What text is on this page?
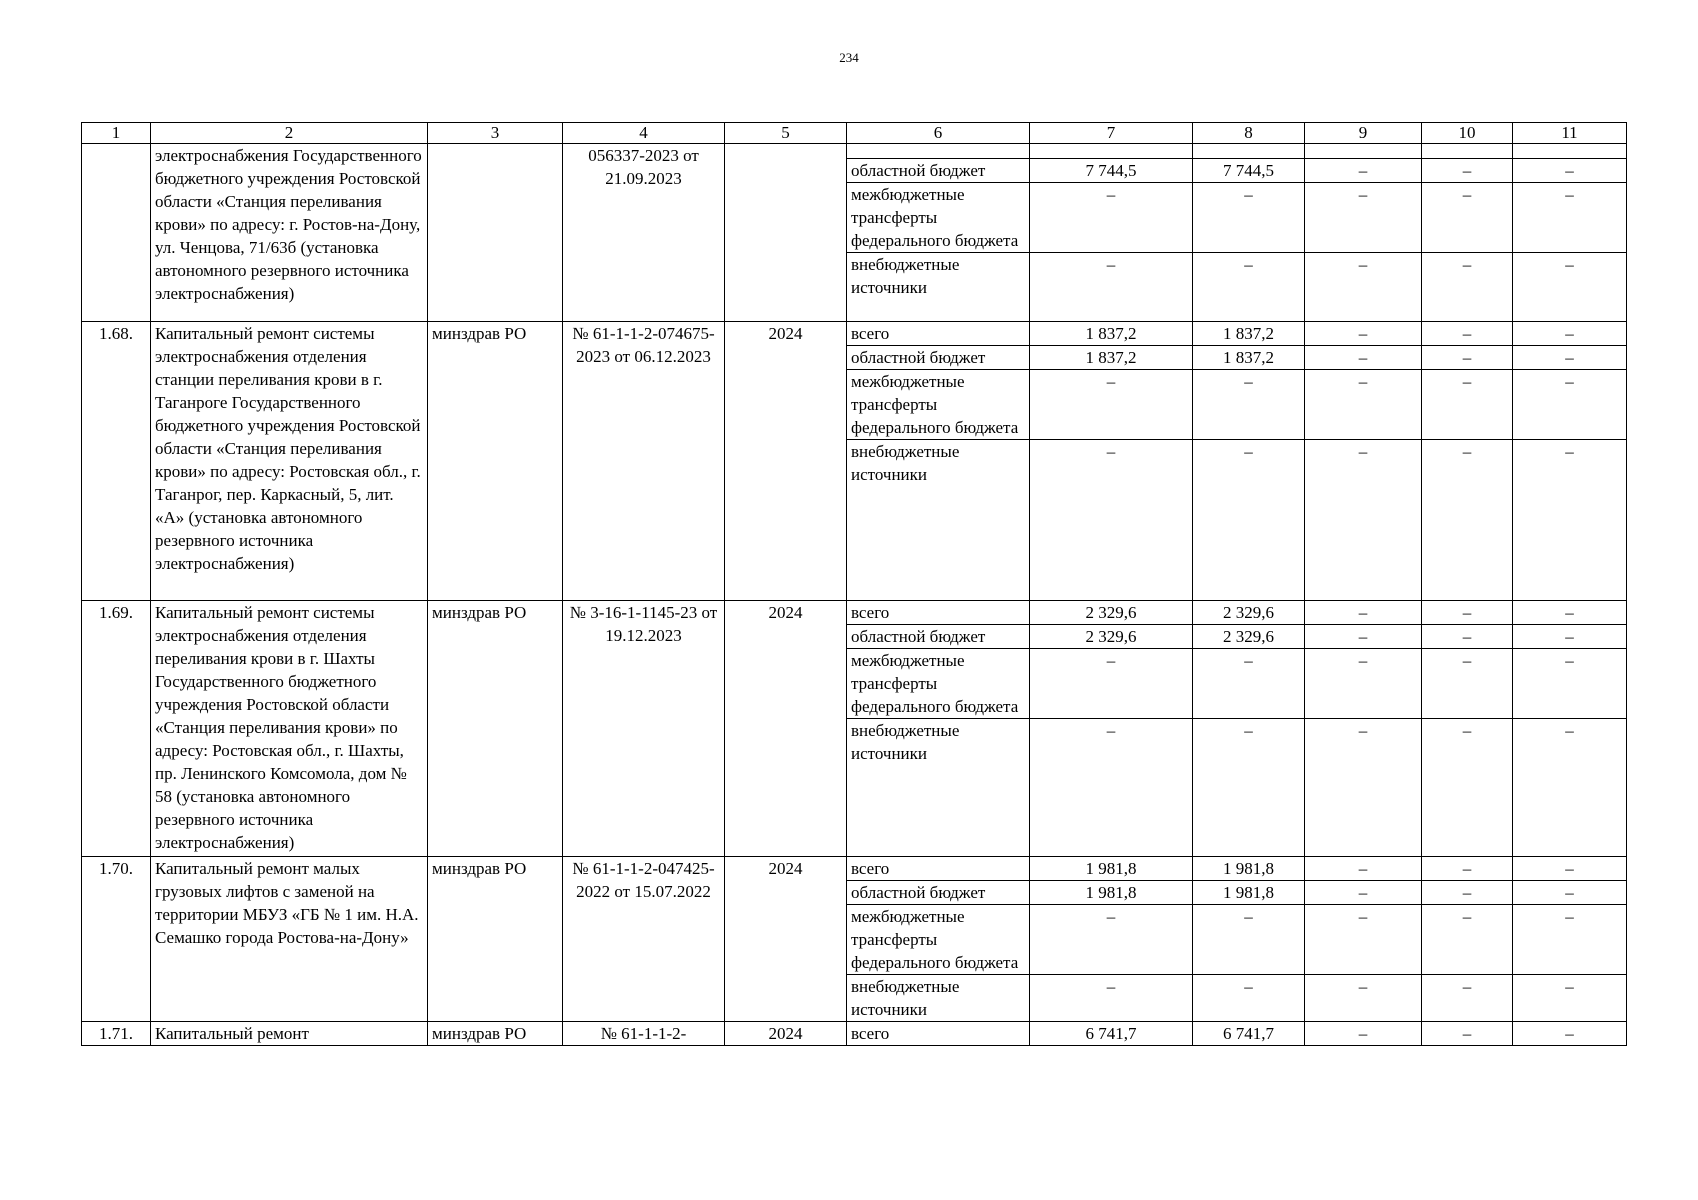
234
1	2	3	4	5	6	7	8	9	10	11
	электроснабжения Государственного бюджетного учреждения Ростовской области «Станция переливания крови» по адресу: г. Ростов-на-Дону, ул. Ченцова, 71/63б (установка автономного резервного источника электроснабжения)		056337-2023 от 21.09.2023							
					областной бюджет	7 744,5	7 744,5	–	–	–
					межбюджетные трансферты федерального бюджета	–	–	–	–	–
					внебюджетные источники	–	–	–	–	–
1.68.	Капитальный ремонт системы электроснабжения отделения станции переливания крови в г. Таганроге Государственного бюджетного учреждения Ростовской области «Станция переливания крови» по адресу: Ростовская обл., г. Таганрог, пер. Каркасный, 5, лит. «А» (установка автономного резервного источника электроснабжения)	минздрав РО	№ 61-1-1-2-074675-2023 от 06.12.2023	2024	всего	1 837,2	1 837,2	–	–	–
					областной бюджет	1 837,2	1 837,2	–	–	–
					межбюджетные трансферты федерального бюджета	–	–	–	–	–
					внебюджетные источники	–	–	–	–	–
1.69.	Капитальный ремонт системы электроснабжения отделения переливания крови в г. Шахты Государственного бюджетного учреждения Ростовской области «Станция переливания крови» по адресу: Ростовская обл., г. Шахты, пр. Ленинского Комсомола, дом № 58 (установка автономного резервного источника электроснабжения)	минздрав РО	№ 3-16-1-1145-23 от 19.12.2023	2024	всего	2 329,6	2 329,6	–	–	–
					областной бюджет	2 329,6	2 329,6	–	–	–
					межбюджетные трансферты федерального бюджета	–	–	–	–	–
					внебюджетные источники	–	–	–	–	–
1.70.	Капитальный ремонт малых грузовых лифтов с заменой на территории МБУЗ «ГБ № 1 им. Н.А. Семашко города Ростова-на-Дону»	минздрав РО	№ 61-1-1-2-047425-2022 от 15.07.2022	2024	всего	1 981,8	1 981,8	–	–	–
					областной бюджет	1 981,8	1 981,8	–	–	–
					межбюджетные трансферты федерального бюджета	–	–	–	–	–
					внебюджетные источники	–	–	–	–	–
1.71.	Капитальный ремонт	минздрав РО	№ 61-1-1-2-	2024	всего	6 741,7	6 741,7	–	–	–
